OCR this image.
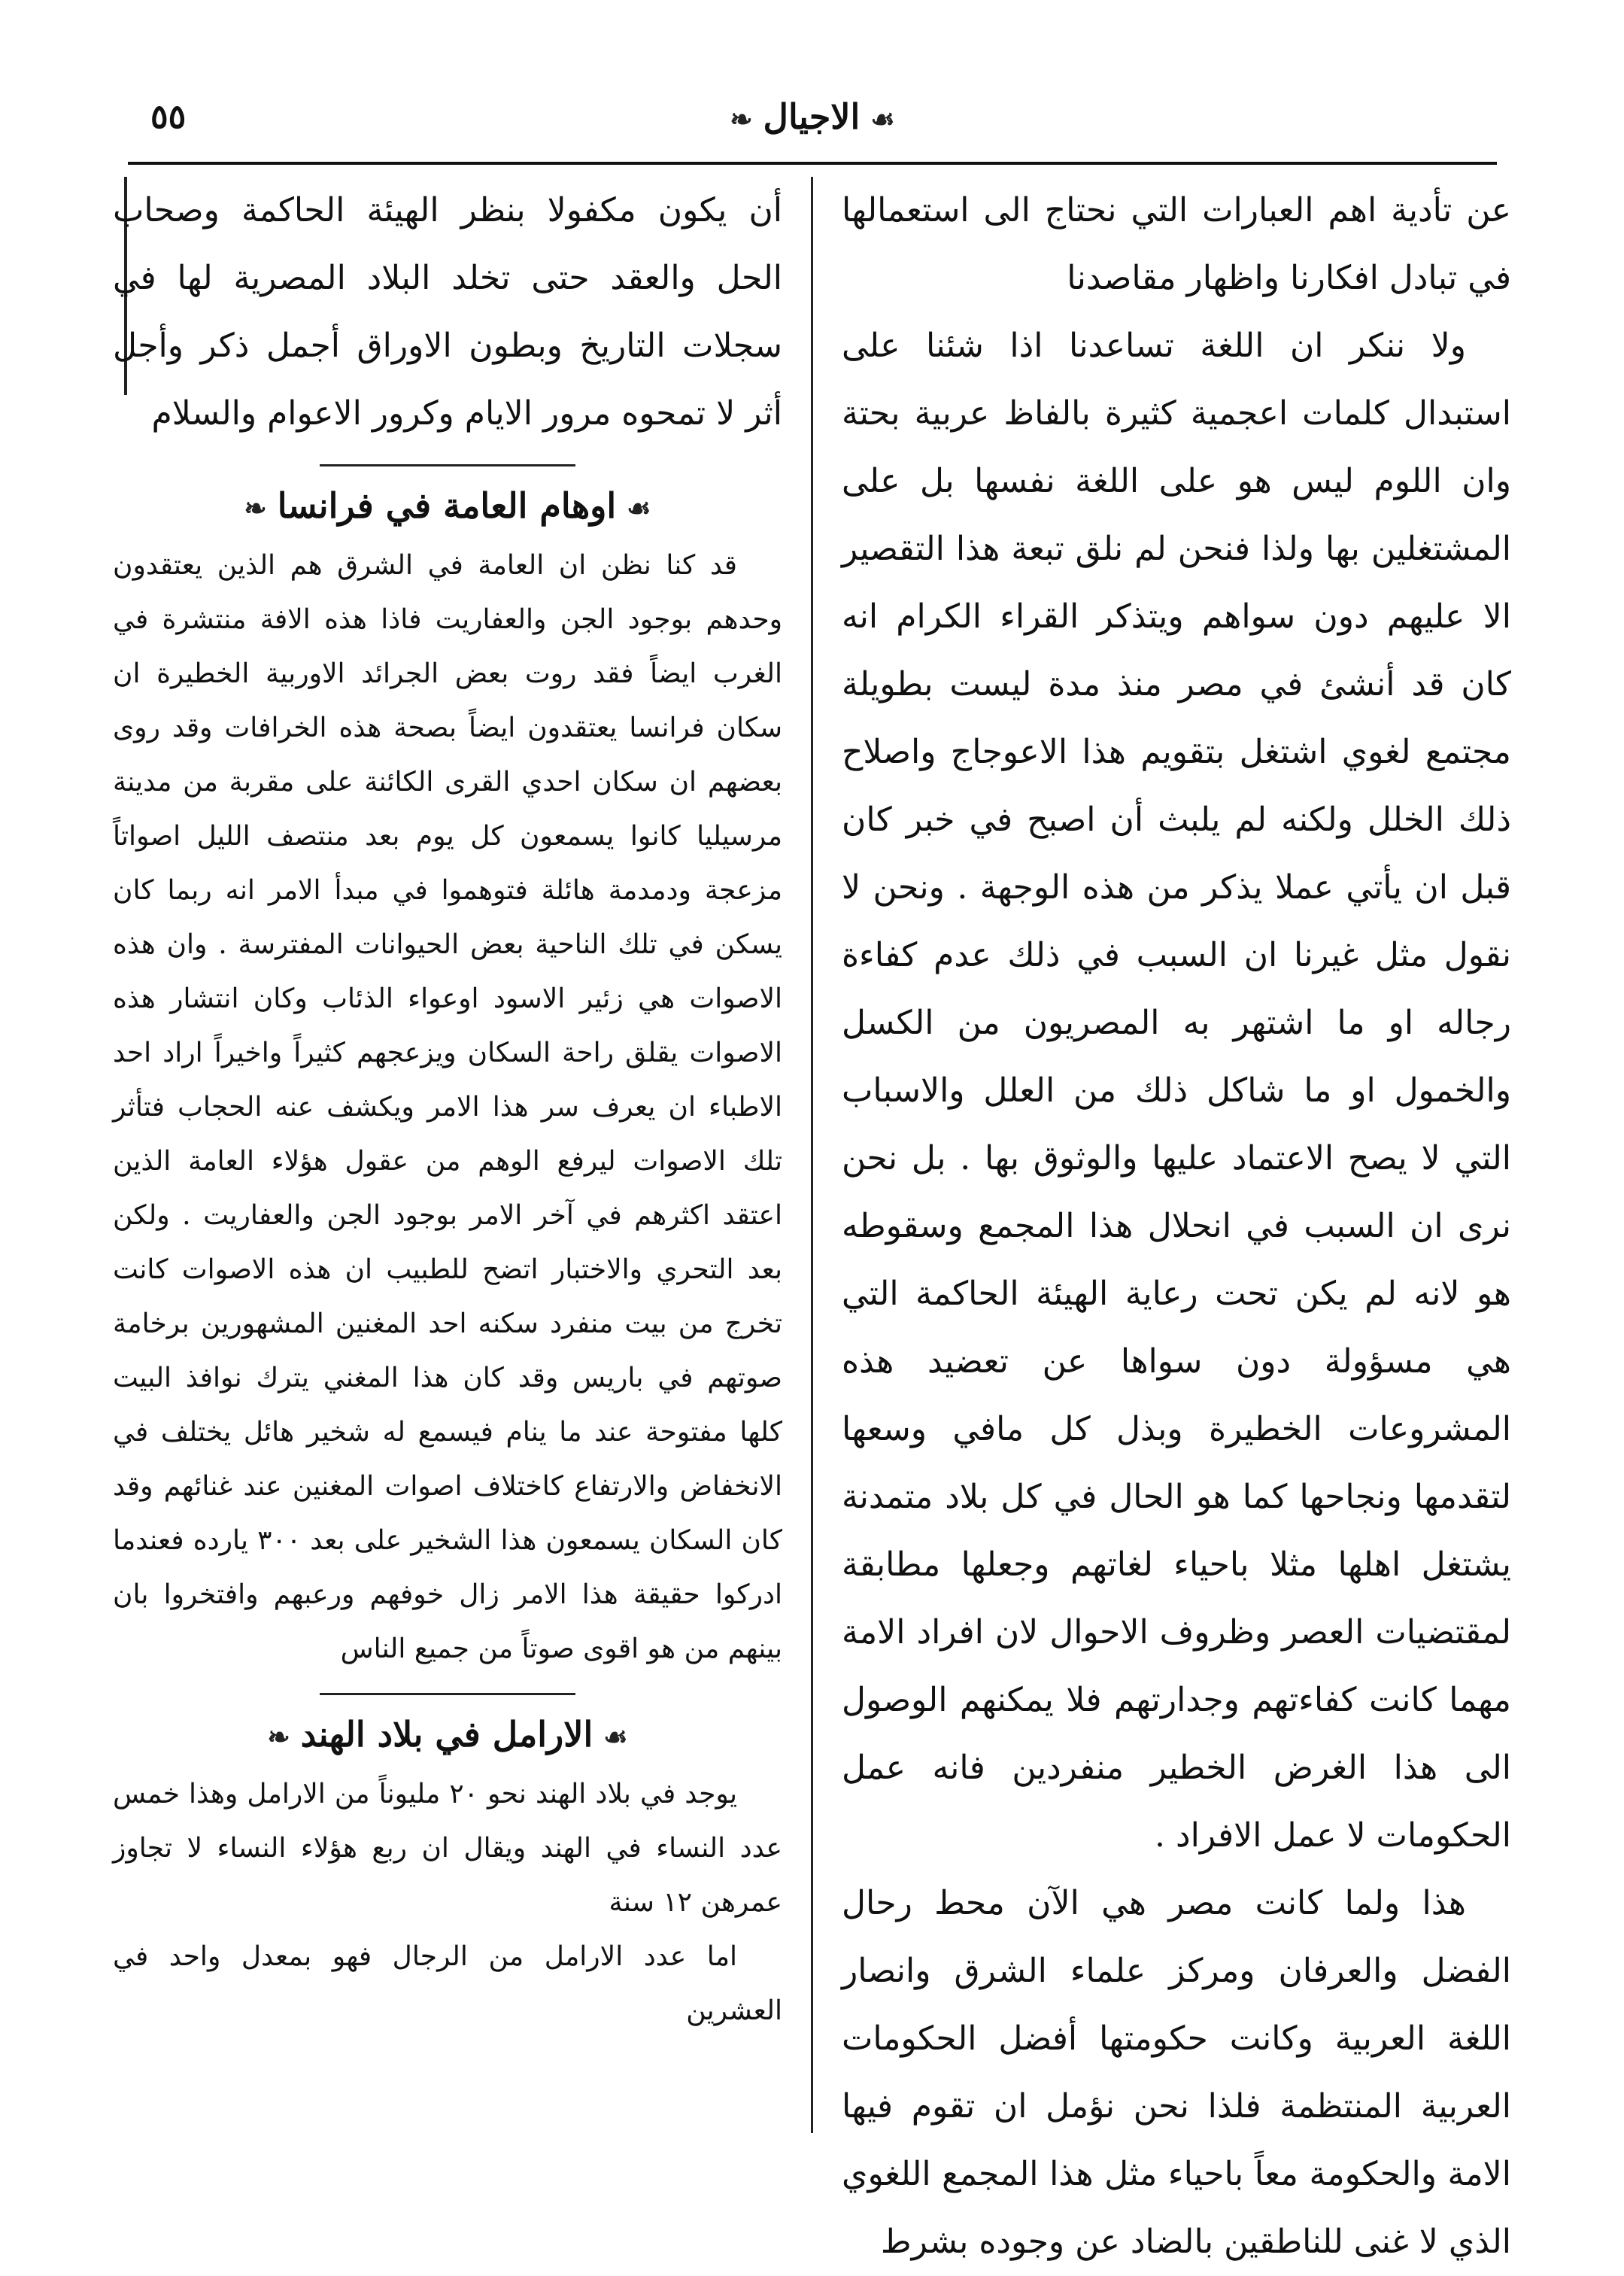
٥٥	☙الاجيال❧

عن تأدية اهم العبارات التي نحتاج الى استعمالها في تبادل افكارنا واظهار مقاصدنا

ولا ننكر ان اللغة تساعدنا اذا شئنا على استبدال كلمات اعجمية كثيرة بالفاظ عربية بحتة وان اللوم ليس هو على اللغة نفسها بل على المشتغلين بها ولذا فنحن لم نلق تبعة هذا التقصير الا عليهم دون سواهم ويتذكر القراء الكرام انه كان قد أنشئ في مصر منذ مدة ليست بطويلة مجتمع لغوي اشتغل بتقويم هذا الاعوجاج واصلاح ذلك الخلل ولكنه لم يلبث أن اصبح في خبر كان قبل ان يأتي عملا يذكر من هذه الوجهة . ونحن لا نقول مثل غيرنا ان السبب في ذلك عدم كفاءة رجاله او ما اشتهر به المصريون من الكسل والخمول او ما شاكل ذلك من العلل والاسباب التي لا يصح الاعتماد عليها والوثوق بها . بل نحن نرى ان السبب في انحلال هذا المجمع وسقوطه هو لانه لم يكن تحت رعاية الهيئة الحاكمة التي هي مسؤولة دون سواها عن تعضيد هذه المشروعات الخطيرة وبذل كل مافي وسعها لتقدمها ونجاحها كما هو الحال في كل بلاد متمدنة يشتغل اهلها مثلا باحياء لغاتهم وجعلها مطابقة لمقتضيات العصر وظروف الاحوال لان افراد الامة مهما كانت كفاءتهم وجدارتهم فلا يمكنهم الوصول الى هذا الغرض الخطير منفردين فانه عمل الحكومات لا عمل الافراد .

هذا ولما كانت مصر هي الآن محط رحال الفضل والعرفان ومركز علماء الشرق وانصار اللغة العربية وكانت حكومتها أفضل الحكومات العربية المنتظمة فلذا نحن نؤمل ان تقوم فيها الامة والحكومة معاً باحياء مثل هذا المجمع اللغوي الذي لا غنى للناطقين بالضاد عن وجوده بشرط

أن يكون مكفولا بنظر الهيئة الحاكمة وصحاب الحل والعقد حتى تخلد البلاد المصرية لها في سجلات التاريخ وبطون الاوراق أجمل ذكر وأجل أثر لا تمحوه مرور الايام وكرور الاعوام والسلام

☙اوهام العامة في فرانسا❧

قد كنا نظن ان العامة في الشرق هم الذين يعتقدون وحدهم بوجود الجن والعفاريت فاذا هذه الافة منتشرة في الغرب ايضاً فقد روت بعض الجرائد الاوربية الخطيرة ان سكان فرانسا يعتقدون ايضاً بصحة هذه الخرافات وقد روى بعضهم ان سكان احدي القرى الكائنة على مقربة من مدينة مرسيليا كانوا يسمعون كل يوم بعد منتصف الليل اصواتاً مزعجة ودمدمة هائلة فتوهموا في مبدأ الامر انه ربما كان يسكن في تلك الناحية بعض الحيوانات المفترسة . وان هذه الاصوات هي زئير الاسود اوعواء الذئاب وكان انتشار هذه الاصوات يقلق راحة السكان ويزعجهم كثيراً واخيراً اراد احد الاطباء ان يعرف سر هذا الامر ويكشف عنه الحجاب فتأثر تلك الاصوات ليرفع الوهم من عقول هؤلاء العامة الذين اعتقد اكثرهم في آخر الامر بوجود الجن والعفاريت . ولكن بعد التحري والاختبار اتضح للطبيب ان هذه الاصوات كانت تخرج من بيت منفرد سكنه احد المغنين المشهورين برخامة صوتهم في باريس وقد كان هذا المغني يترك نوافذ البيت كلها مفتوحة عند ما ينام فيسمع له شخير هائل يختلف في الانخفاض والارتفاع كاختلاف اصوات المغنين عند غنائهم وقد كان السكان يسمعون هذا الشخير على بعد ٣٠٠ يارده فعندما ادركوا حقيقة هذا الامر زال خوفهم ورعبهم وافتخروا بان بينهم من هو اقوى صوتاً من جميع الناس

☙الارامل في بلاد الهند❧

يوجد في بلاد الهند نحو ٢٠ مليوناً من الارامل وهذا خمس عدد النساء في الهند ويقال ان ربع هؤلاء النساء لا تجاوز عمرهن ١٢ سنة

اما عدد الارامل من الرجال فهو بمعدل واحد في العشرين
